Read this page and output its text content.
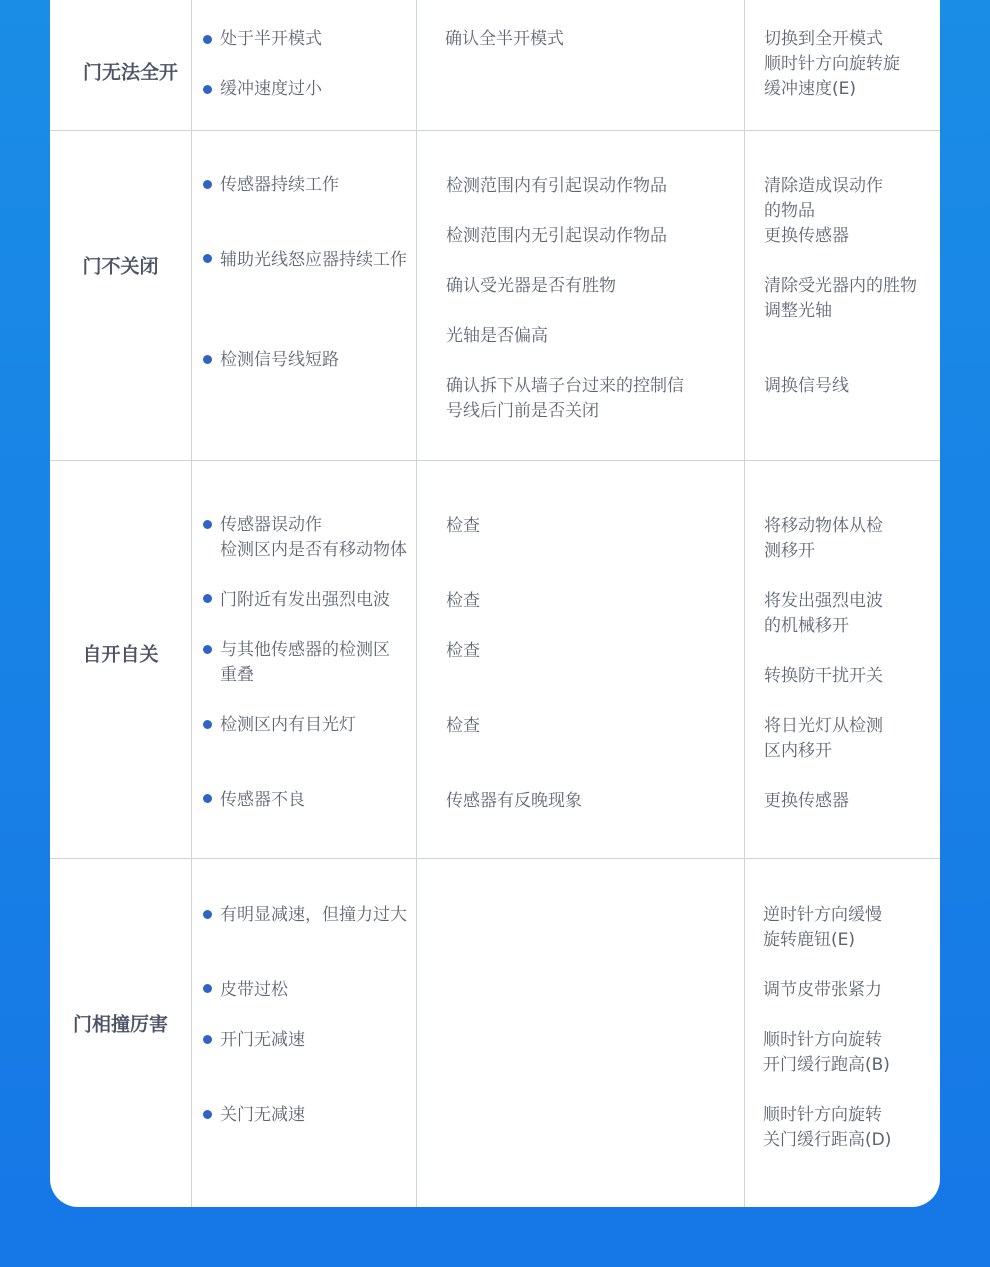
门无法全开
处于半开模式
缓冲速度过小
确认全半开模式	切换到全开模式
顺时针方向旋转旋
缓冲速度(E)
门不关闭
传感器持续工作
辅助光线怒应器持续工作
检测信号线短路
检测范围内有引起误动作物品
检测范围内无引起误动作物品
确认受光器是否有胜物
光轴是否偏高
确认拆下从墙子台过来的控制信
号线后门前是否关闭
清除造成误动作
的物品
更换传感器
清除受光器内的胜物
调整光轴
调换信号线
自开自关
传感器误动作
检测区内是否有移动物体
门附近有发出强烈电波
与其他传感器的检测区
重叠
检测区内有目光灯
传感器不良
检查
检查
检查
检查
传感器有反晚现象
将移动物体从检
测移开
将发出强烈电波
的机械移开
转换防干扰开关
将日光灯从检测
区内移开
更换传感器
门相撞厉害
有明显减速，但撞力过大
皮带过松
开门无减速
关门无减速
逆时针方向缓慢
旋转鹿钮(E)
调节皮带张紧力
顺时针方向旋转
开门缓行跑高(B)
顺时针方向旋转
关门缓行距高(D)
